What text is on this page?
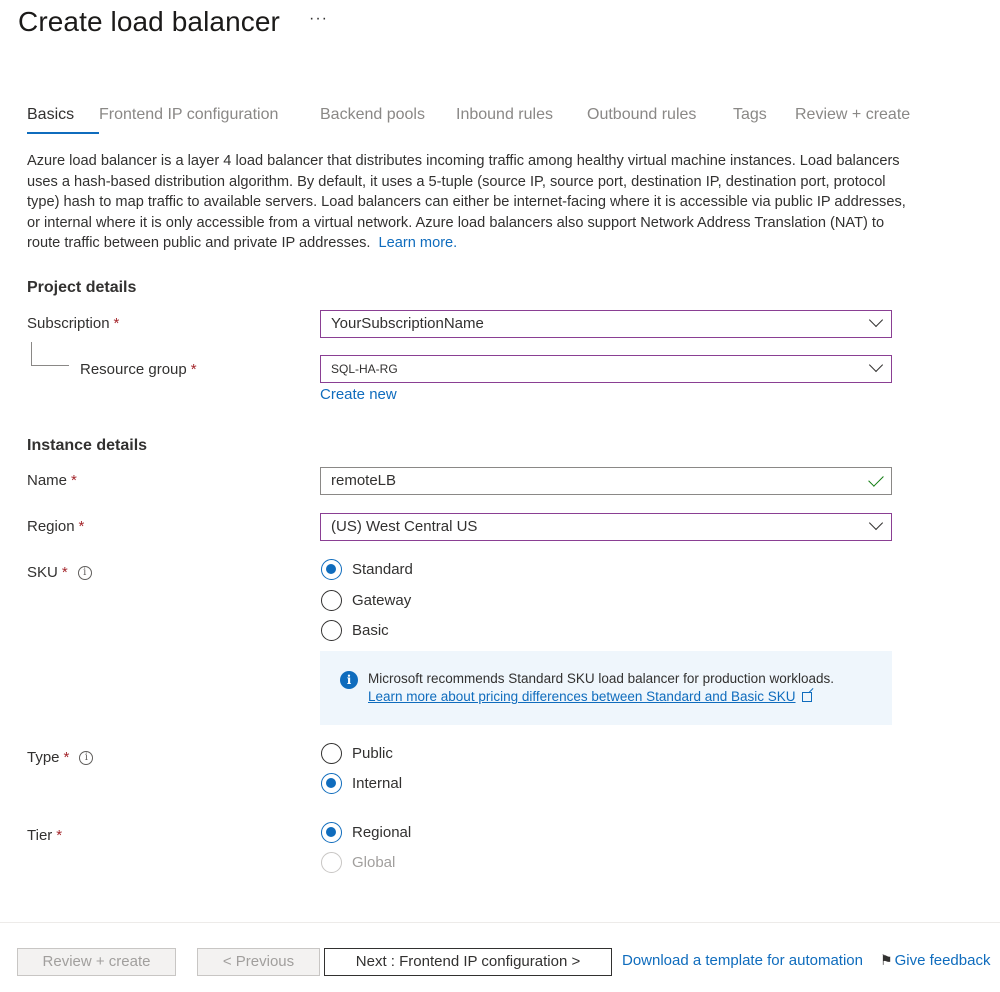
Create load balancer ···
Basics	Frontend IP configuration	Backend pools	Inbound rules	Outbound rules	Tags	Review + create
Azure load balancer is a layer 4 load balancer that distributes incoming traffic among healthy virtual machine instances. Load balancers uses a hash-based distribution algorithm. By default, it uses a 5-tuple (source IP, source port, destination IP, destination port, protocol type) hash to map traffic to available servers. Load balancers can either be internet-facing where it is accessible via public IP addresses, or internal where it is only accessible from a virtual network. Azure load balancers also support Network Address Translation (NAT) to route traffic between public and private IP addresses. Learn more.
Project details
Subscription *	YourSubscriptionName
Resource group *	SQL-HA-RG
Create new
Instance details
Name *	remoteLB
Region *	(US) West Central US
SKU * i	Standard
Gateway
Basic
i	Microsoft recommends Standard SKU load balancer for production workloads.
Learn more about pricing differences between Standard and Basic SKU
Type * i	Public
Internal
Tier *	Regional
Global
Review + create	< Previous	Next : Frontend IP configuration >	Download a template for automation ⚑ Give feedback
